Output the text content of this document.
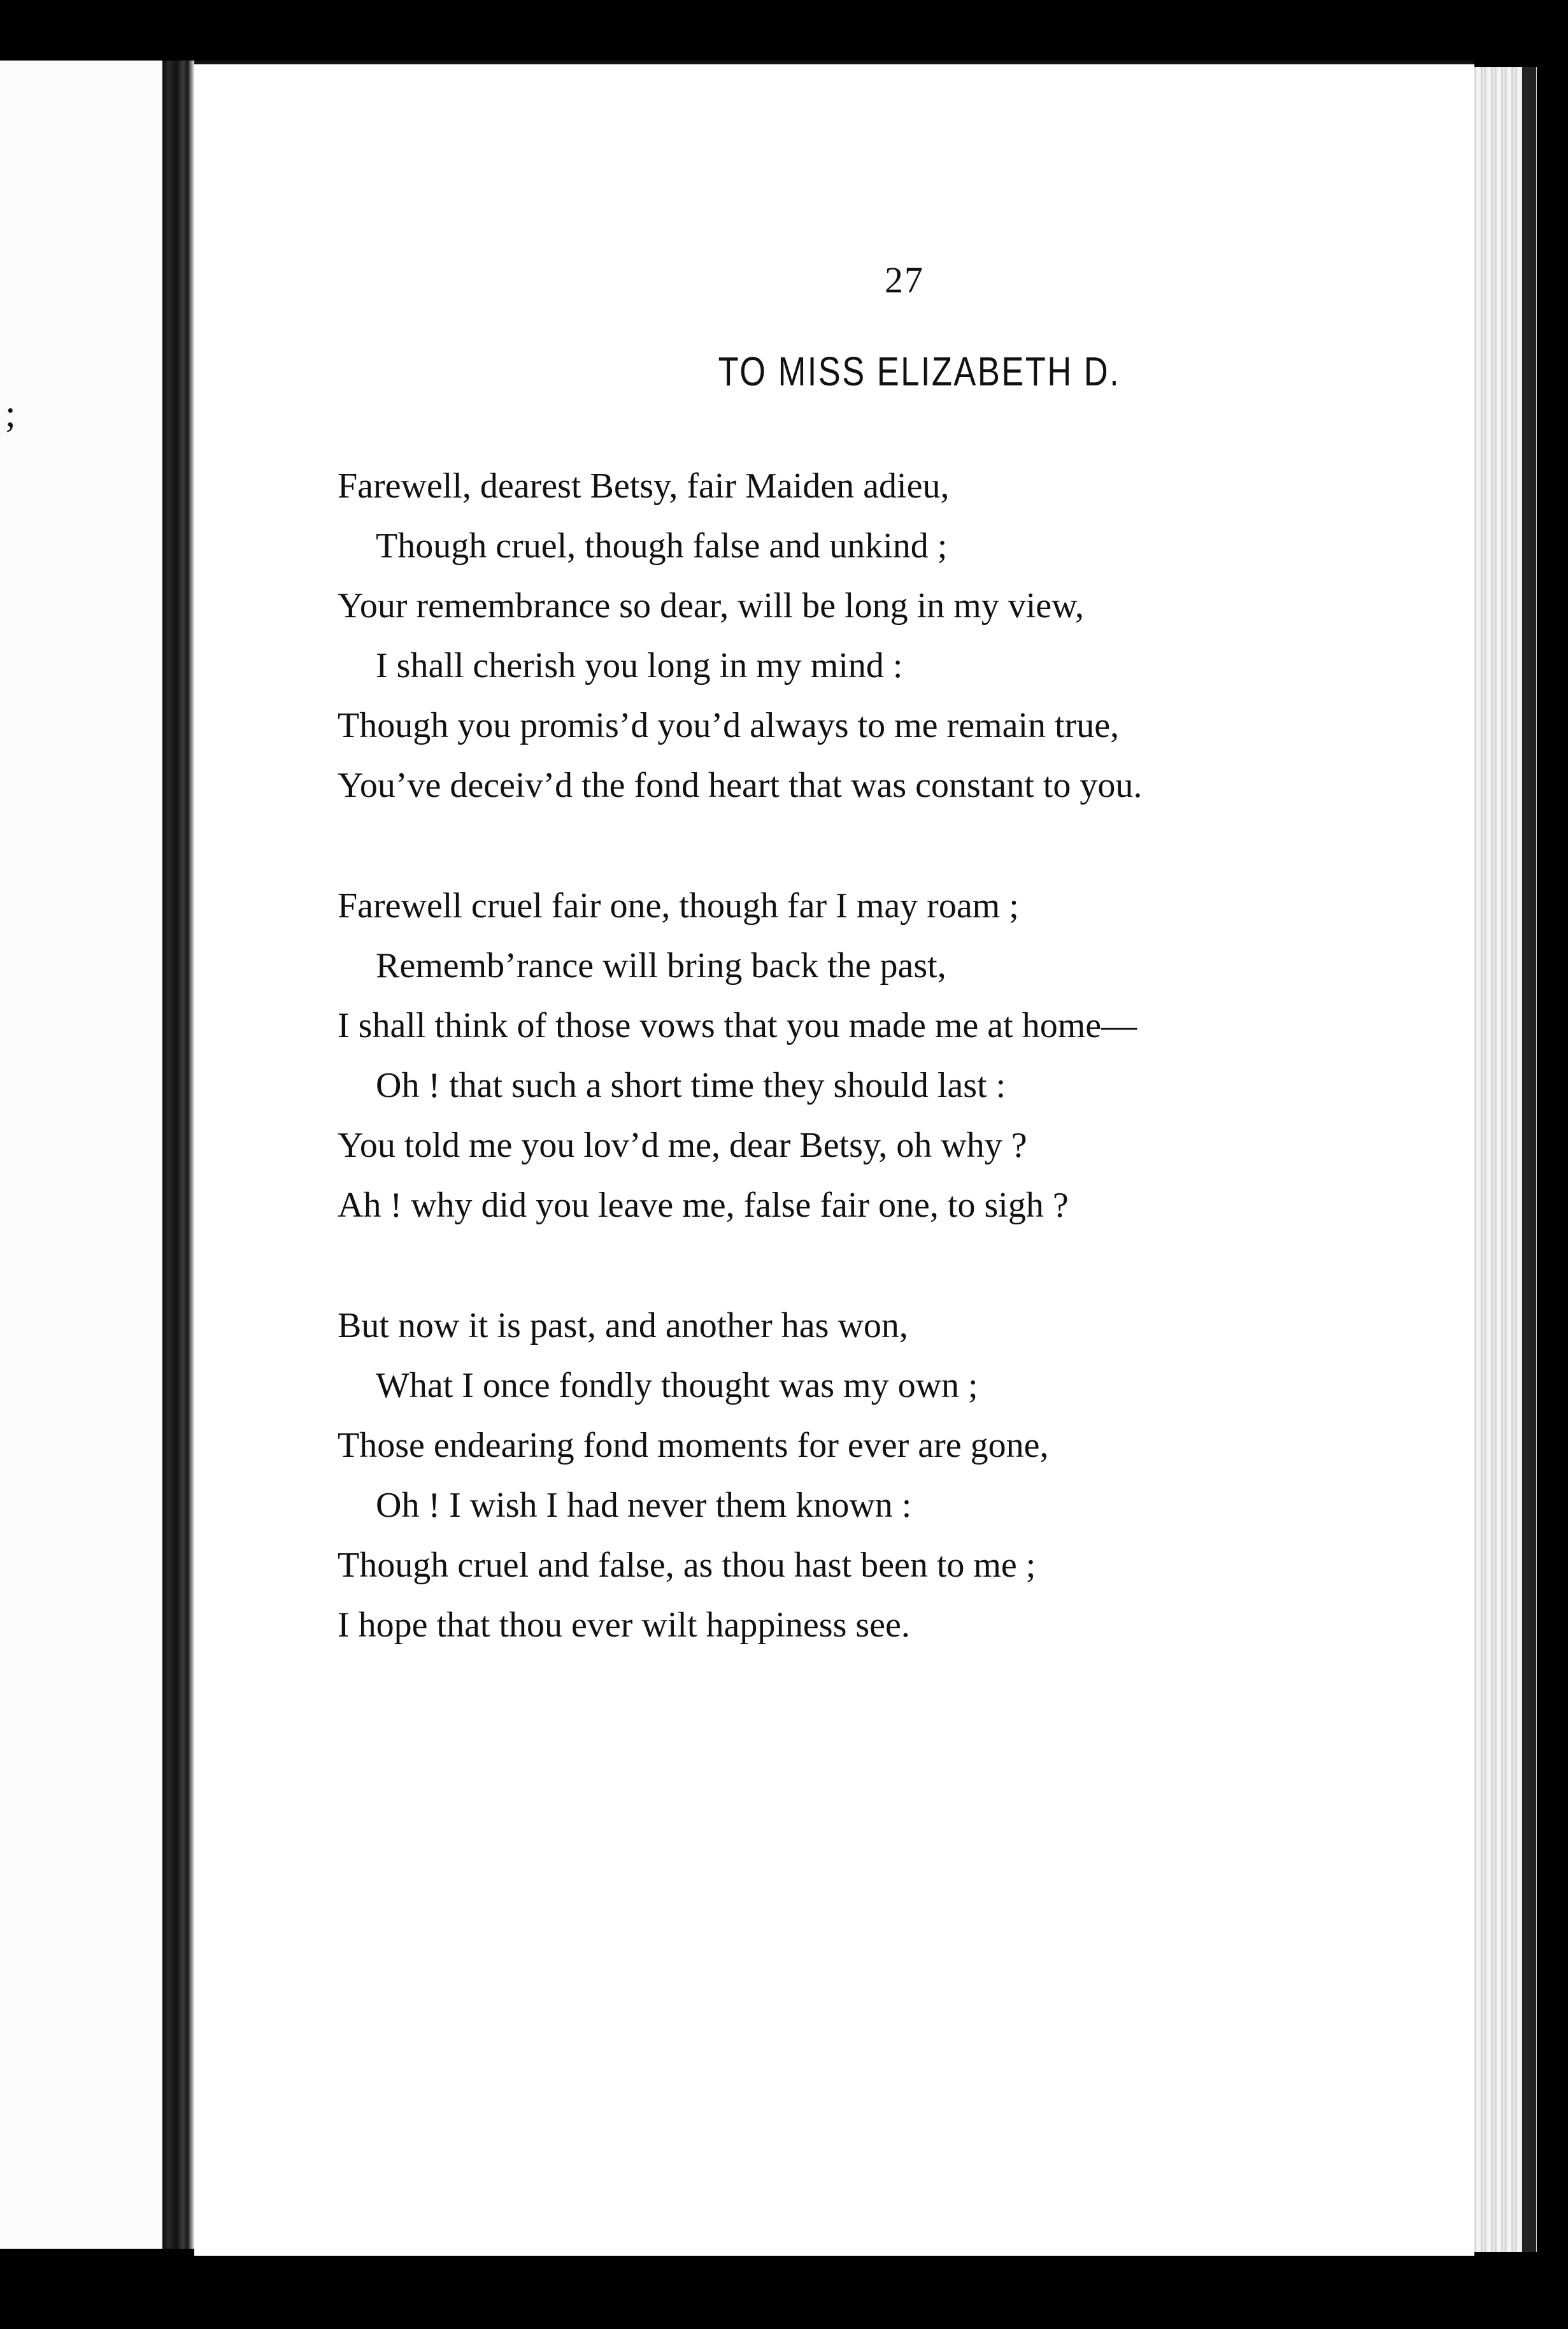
;
27
TO MISS ELIZABETH D.
Farewell, dearest Betsy, fair Maiden adieu,
Though cruel, though false and unkind ;
Your remembrance so dear, will be long in my view,
I shall cherish you long in my mind :
Though you promis’d you’d always to me remain true,
You’ve deceiv’d the fond heart that was constant to you.
Farewell cruel fair one, though far I may roam ;
Rememb’rance will bring back the past,
I shall think of those vows that you made me at home—
Oh ! that such a short time they should last :
You told me you lov’d me, dear Betsy, oh why ?
Ah ! why did you leave me, false fair one, to sigh ?
But now it is past, and another has won,
What I once fondly thought was my own ;
Those endearing fond moments for ever are gone,
Oh ! I wish I had never them known :
Though cruel and false, as thou hast been to me ;
I hope that thou ever wilt happiness see.
